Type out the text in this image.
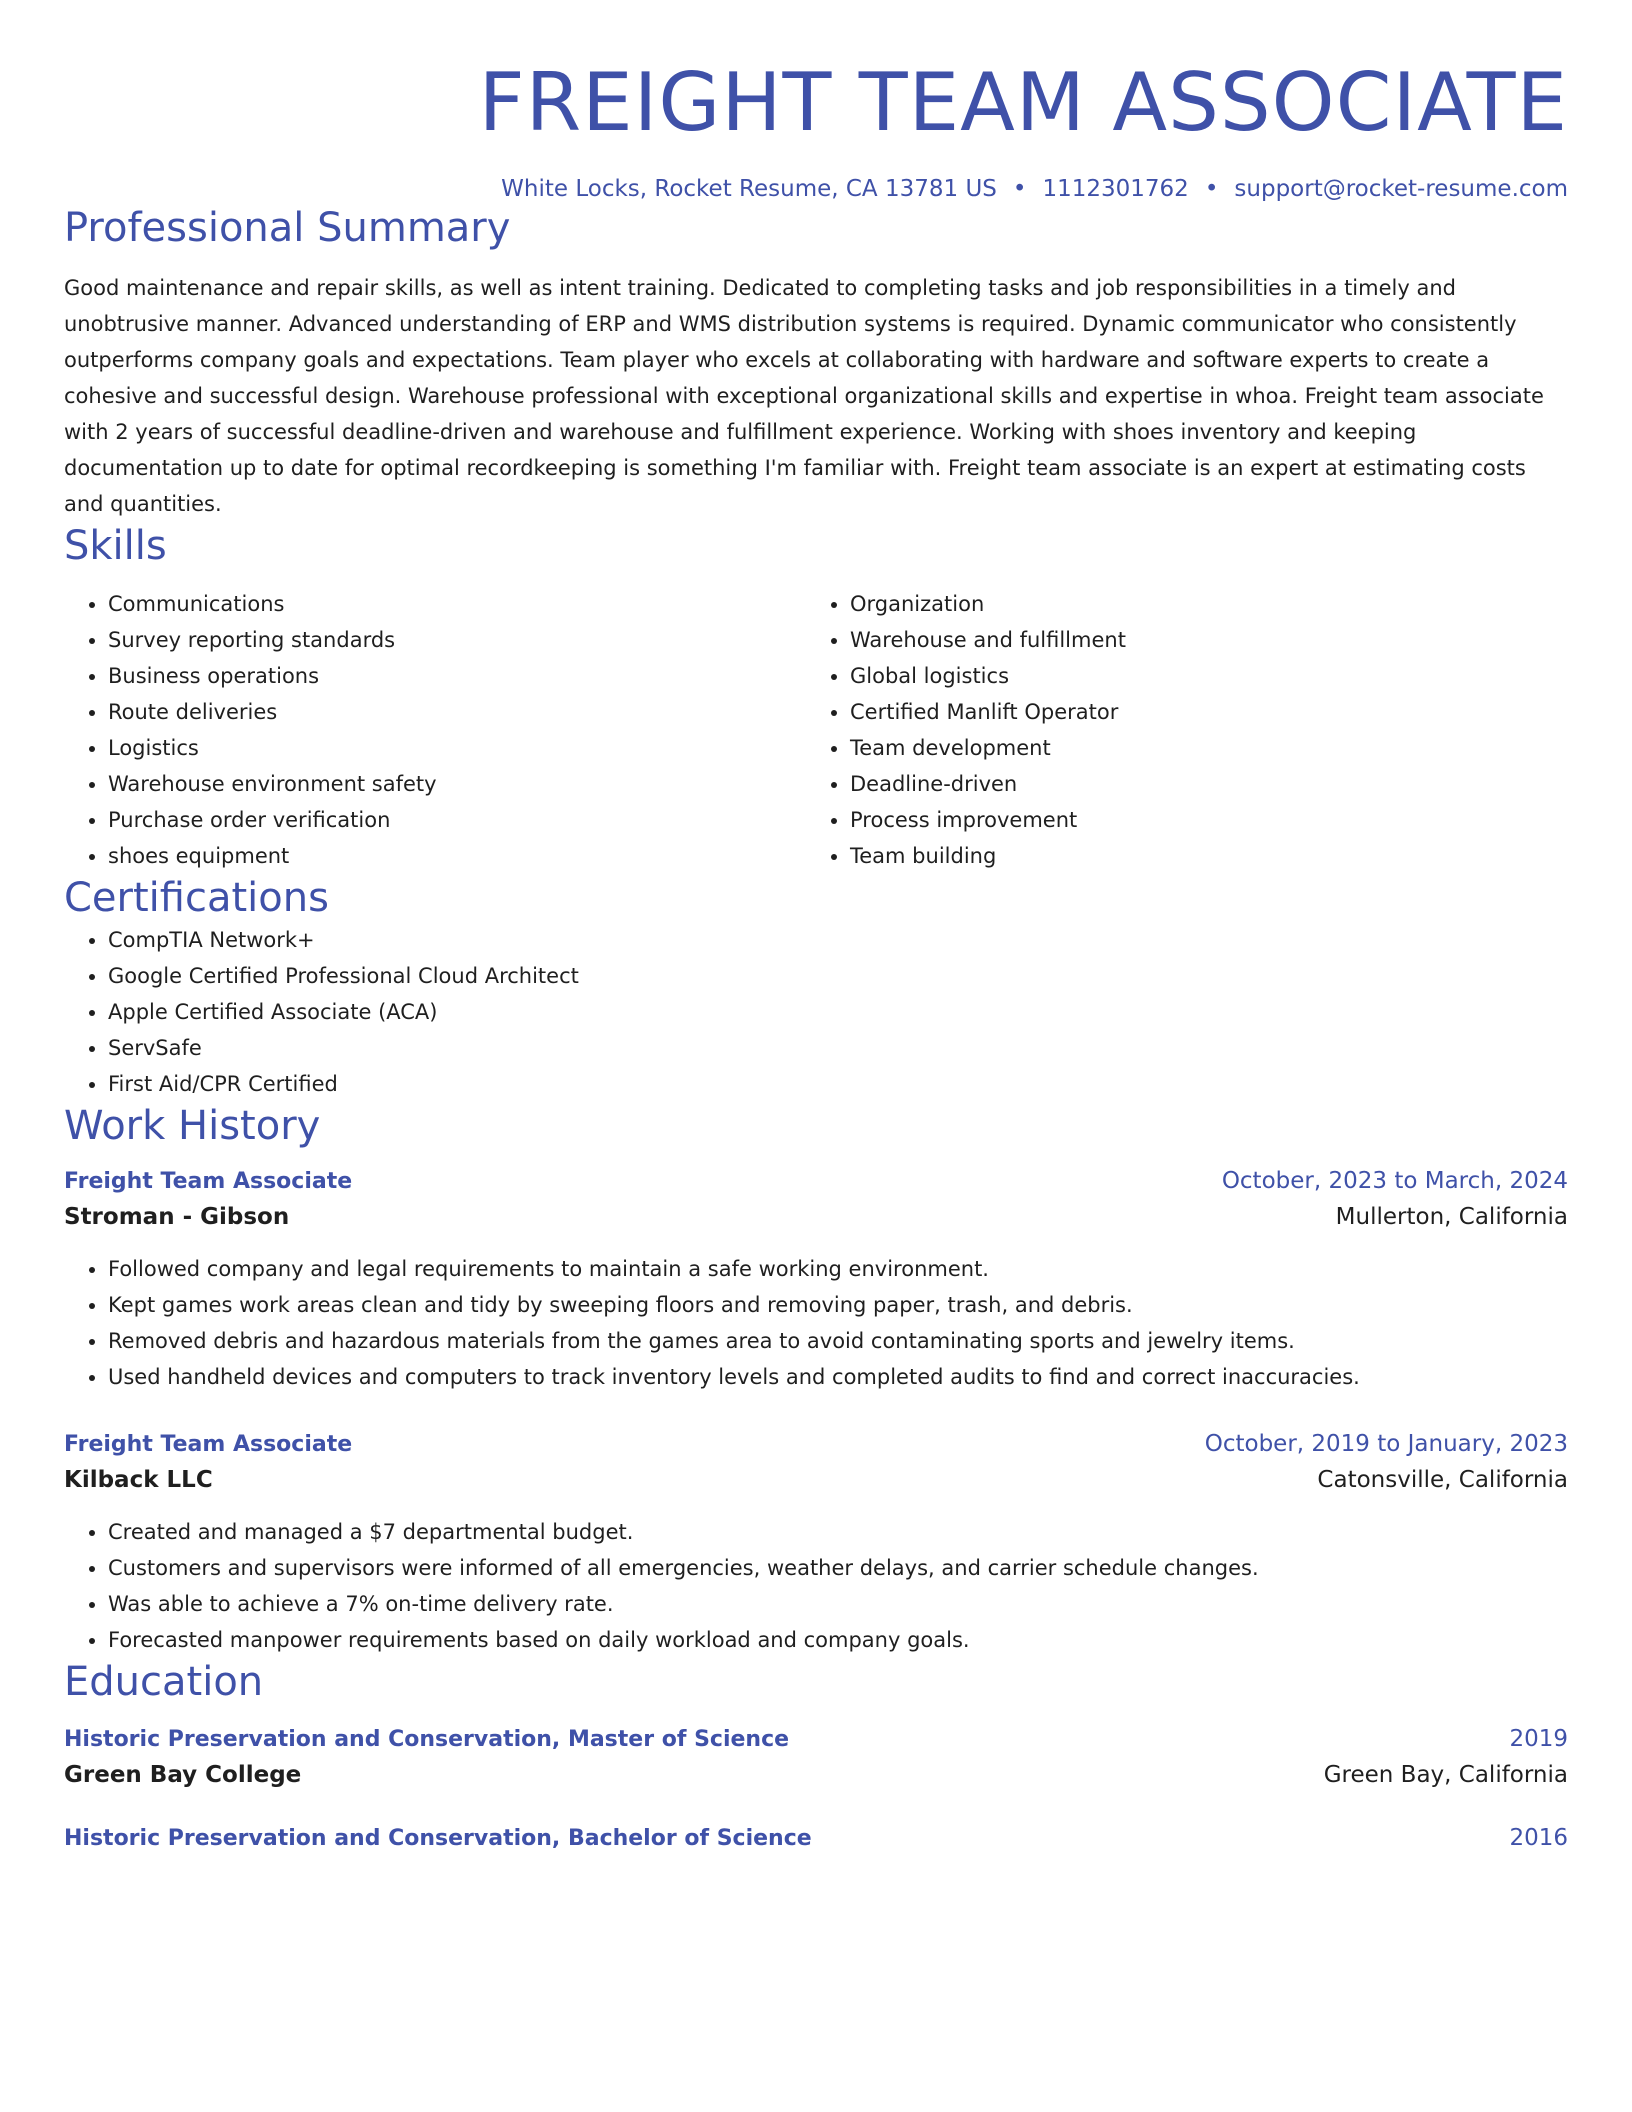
FREIGHT TEAM ASSOCIATE
White Locks, Rocket Resume, CA 13781 US • 1112301762 • support@rocket-resume.com
Professional Summary
Good maintenance and repair skills, as well as intent training. Dedicated to completing tasks and job responsibilities in a timely and unobtrusive manner. Advanced understanding of ERP and WMS distribution systems is required. Dynamic communicator who consistently outperforms company goals and expectations. Team player who excels at collaborating with hardware and software experts to create a cohesive and successful design. Warehouse professional with exceptional organizational skills and expertise in whoa. Freight team associate with 2 years of successful deadline-driven and warehouse and fulfillment experience. Working with shoes inventory and keeping documentation up to date for optimal recordkeeping is something I'm familiar with. Freight team associate is an expert at estimating costs and quantities.
Skills
• Communications
• Survey reporting standards
• Business operations
• Route deliveries
• Logistics
• Warehouse environment safety
• Purchase order verification
• shoes equipment
• Organization
• Warehouse and fulfillment
• Global logistics
• Certified Manlift Operator
• Team development
• Deadline-driven
• Process improvement
• Team building
Certifications
• CompTIA Network+
• Google Certified Professional Cloud Architect
• Apple Certified Associate (ACA)
• ServSafe
• First Aid/CPR Certified
Work History
Freight Team Associate	October, 2023 to March, 2024
Stroman - Gibson	Mullerton, California
• Followed company and legal requirements to maintain a safe working environment.
• Kept games work areas clean and tidy by sweeping floors and removing paper, trash, and debris.
• Removed debris and hazardous materials from the games area to avoid contaminating sports and jewelry items.
• Used handheld devices and computers to track inventory levels and completed audits to find and correct inaccuracies.
Freight Team Associate	October, 2019 to January, 2023
Kilback LLC	Catonsville, California
• Created and managed a $7 departmental budget.
• Customers and supervisors were informed of all emergencies, weather delays, and carrier schedule changes.
• Was able to achieve a 7% on-time delivery rate.
• Forecasted manpower requirements based on daily workload and company goals.
Education
Historic Preservation and Conservation, Master of Science	2019
Green Bay College	Green Bay, California
Historic Preservation and Conservation, Bachelor of Science	2016
